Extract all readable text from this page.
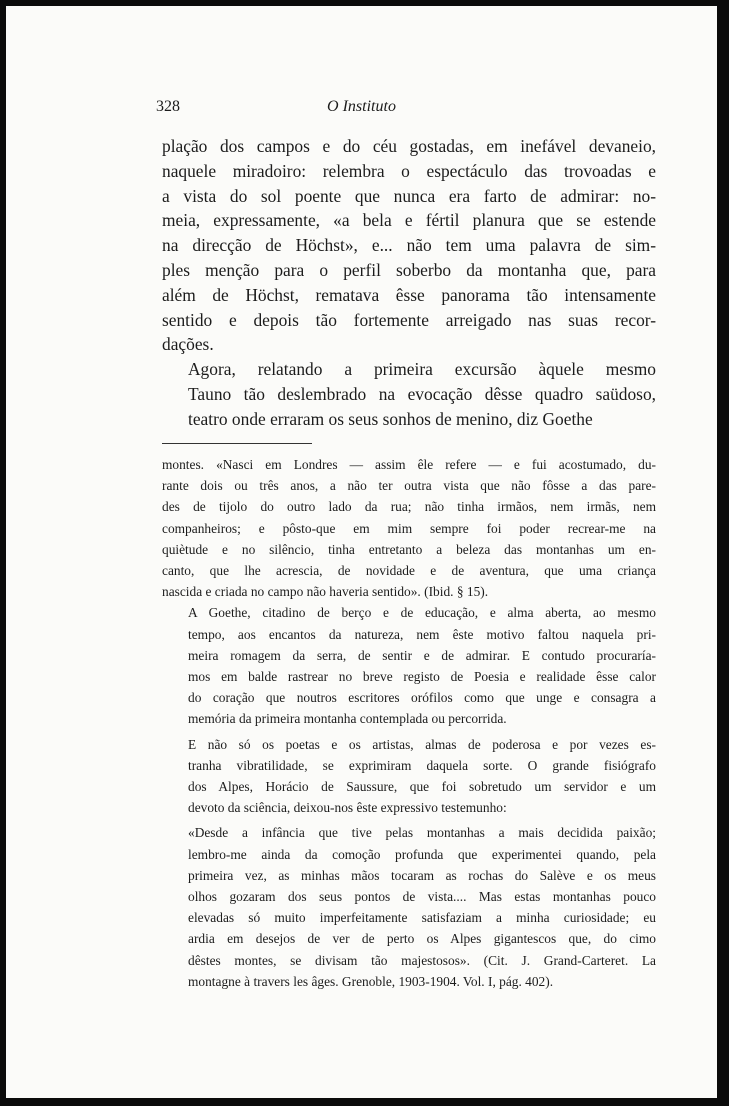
328	O Instituto

plação dos campos e do céu gostadas, em inefável devaneio,
naquele miradoiro: relembra o espectáculo das trovoadas e
a vista do sol poente que nunca era farto de admirar: no-
meia, expressamente, «a bela e fértil planura que se estende
na direcção de Höchst», e... não tem uma palavra de sim-
ples menção para o perfil soberbo da montanha que, para
além de Höchst, rematava êsse panorama tão intensamente
sentido e depois tão fortemente arreigado nas suas recor-
dações.

Agora, relatando a primeira excursão àquele mesmo
Tauno tão deslembrado na evocação dêsse quadro saüdoso,
teatro onde erraram os seus sonhos de menino, diz Goethe

montes. «Nasci em Londres — assim êle refere — e fui acostumado, du-
rante dois ou três anos, a não ter outra vista que não fôsse a das pare-
des de tijolo do outro lado da rua; não tinha irmãos, nem irmãs, nem
companheiros; e pôsto-que em mim sempre foi poder recrear-me na
quiètude e no silêncio, tinha entretanto a beleza das montanhas um en-
canto, que lhe acrescia, de novidade e de aventura, que uma criança
nascida e criada no campo não haveria sentido». (Ibid. § 15).

A Goethe, citadino de berço e de educação, e alma aberta, ao mesmo
tempo, aos encantos da natureza, nem êste motivo faltou naquela pri-
meira romagem da serra, de sentir e de admirar. E contudo procuraría-
mos em balde rastrear no breve registo de Poesia e realidade êsse calor
do coração que noutros escritores orófilos como que unge e consagra a
memória da primeira montanha contemplada ou percorrida.

E não só os poetas e os artistas, almas de poderosa e por vezes es-
tranha vibratilidade, se exprimiram daquela sorte. O grande fisiógrafo
dos Alpes, Horácio de Saussure, que foi sobretudo um servidor e um
devoto da sciência, deixou-nos êste expressivo testemunho:

«Desde a infância que tive pelas montanhas a mais decidida paixão;
lembro-me ainda da comoção profunda que experimentei quando, pela
primeira vez, as minhas mãos tocaram as rochas do Salève e os meus
olhos gozaram dos seus pontos de vista.... Mas estas montanhas pouco
elevadas só muito imperfeitamente satisfaziam a minha curiosidade; eu
ardia em desejos de ver de perto os Alpes gigantescos que, do cimo
dêstes montes, se divisam tão majestosos». (Cit. J. Grand-Carteret. La
montagne à travers les âges. Grenoble, 1903-1904. Vol. I, pág. 402).
